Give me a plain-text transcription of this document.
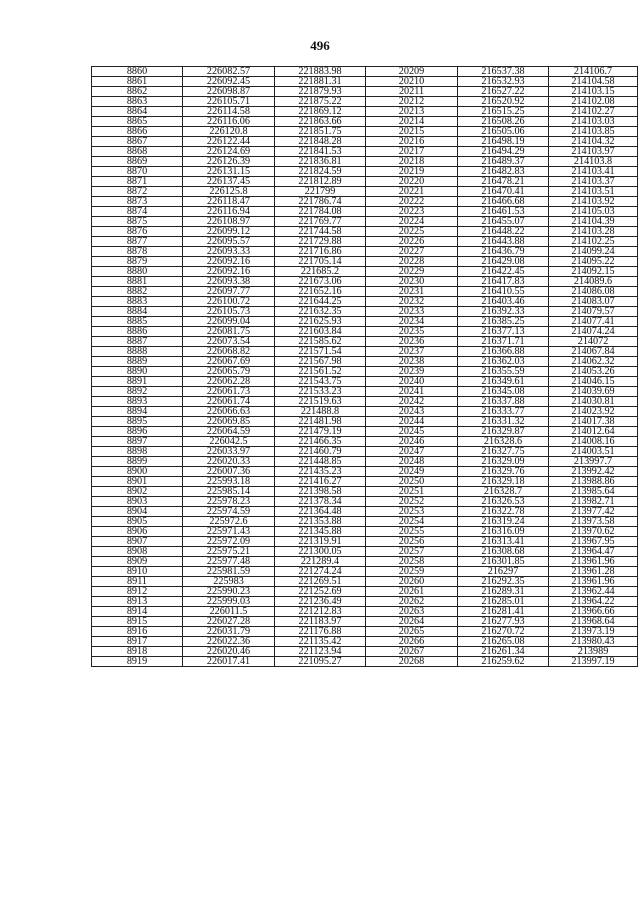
496
8860	226082.57	221883.98	20209	216537.38	214106.7
8861	226092.45	221881.31	20210	216532.93	214104.58
8862	226098.87	221879.93	20211	216527.22	214103.15
8863	226105.71	221875.22	20212	216520.92	214102.08
8864	226114.58	221869.12	20213	216515.25	214102.27
8865	226116.06	221863.66	20214	216508.26	214103.03
8866	226120.8	221851.75	20215	216505.06	214103.85
8867	226122.44	221848.28	20216	216498.19	214104.32
8868	226124.69	221841.53	20217	216494.29	214103.97
8869	226126.39	221836.81	20218	216489.37	214103.8
8870	226131.15	221824.59	20219	216482.83	214103.41
8871	226137.45	221812.89	20220	216478.21	214103.37
8872	226125.8	221799	20221	216470.41	214103.51
8873	226118.47	221786.74	20222	216466.68	214103.92
8874	226116.94	221784.08	20223	216461.53	214105.03
8875	226108.97	221769.77	20224	216455.07	214104.39
8876	226099.12	221744.58	20225	216448.22	214103.28
8877	226095.57	221729.88	20226	216443.88	214102.25
8878	226093.33	221716.86	20227	216436.79	214099.24
8879	226092.16	221705.14	20228	216429.08	214095.22
8880	226092.16	221685.2	20229	216422.45	214092.15
8881	226093.38	221673.06	20230	216417.83	214089.6
8882	226097.77	221652.16	20231	216410.55	214086.08
8883	226100.72	221644.25	20232	216403.46	214083.07
8884	226105.73	221632.35	20233	216392.33	214079.57
8885	226099.04	221625.93	20234	216385.25	214077.41
8886	226081.75	221603.84	20235	216377.13	214074.24
8887	226073.54	221585.62	20236	216371.71	214072
8888	226068.82	221571.54	20237	216366.88	214067.84
8889	226067.69	221567.98	20238	216362.03	214062.32
8890	226065.79	221561.52	20239	216355.59	214053.26
8891	226062.28	221543.75	20240	216349.61	214046.15
8892	226061.73	221533.23	20241	216345.08	214039.69
8893	226061.74	221519.63	20242	216337.88	214030.81
8894	226066.63	221488.8	20243	216333.77	214023.92
8895	226069.85	221481.98	20244	216331.32	214017.38
8896	226064.59	221479.19	20245	216329.87	214012.64
8897	226042.5	221466.35	20246	216328.6	214008.16
8898	226033.97	221460.79	20247	216327.75	214003.51
8899	226020.33	221448.85	20248	216329.09	213997.7
8900	226007.36	221435.23	20249	216329.76	213992.42
8901	225993.18	221416.27	20250	216329.18	213988.86
8902	225985.14	221398.58	20251	216328.7	213985.64
8903	225978.23	221378.34	20252	216326.53	213982.71
8904	225974.59	221364.48	20253	216322.78	213977.42
8905	225972.6	221353.88	20254	216319.24	213973.58
8906	225971.43	221345.88	20255	216316.09	213970.62
8907	225972.09	221319.91	20256	216313.41	213967.95
8908	225975.21	221300.05	20257	216308.68	213964.47
8909	225977.48	221289.4	20258	216301.85	213961.96
8910	225981.59	221274.24	20259	216297	213961.28
8911	225983	221269.51	20260	216292.35	213961.96
8912	225990.23	221252.69	20261	216289.31	213962.44
8913	225999.03	221236.49	20262	216285.01	213964.22
8914	226011.5	221212.83	20263	216281.41	213966.66
8915	226027.28	221183.97	20264	216277.93	213968.64
8916	226031.79	221176.88	20265	216270.72	213973.19
8917	226022.36	221135.42	20266	216265.08	213980.43
8918	226020.46	221123.94	20267	216261.34	213989
8919	226017.41	221095.27	20268	216259.62	213997.19
